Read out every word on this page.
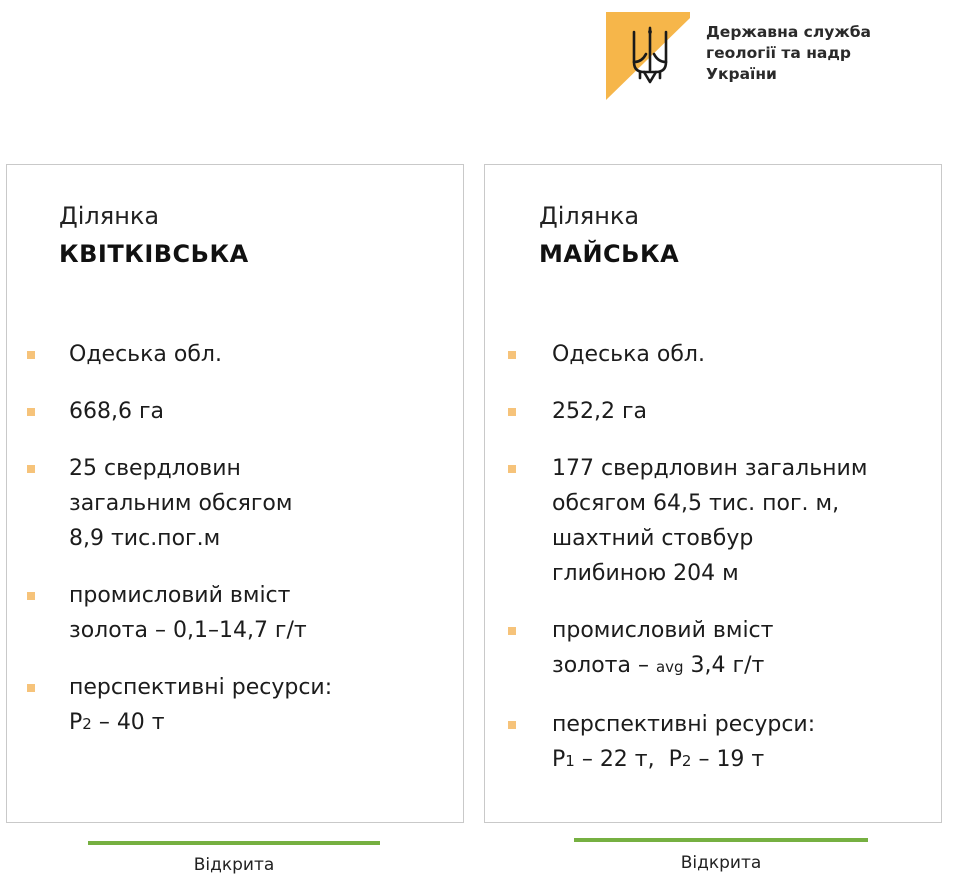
Державна служба
геології та надр
України
Ділянка
КВІТКІВСЬКА
Одеська обл.
668,6 га
25 свердловин
загальним обсягом
8,9 тис.пог.м
промисловий вміст
золота – 0,1–14,7 г/т
перспективні ресурси:
P2 – 40 т
Ділянка
МАЙСЬКА
Одеська обл.
252,2 га
177 свердловин загальним
обсягом 64,5 тис. пог. м,
шахтний стовбур
глибиною 204 м
промисловий вміст
золота – avg 3,4 г/т
перспективні ресурси:
P1 – 22 т, P2 – 19 т
Відкрита	Відкрита
